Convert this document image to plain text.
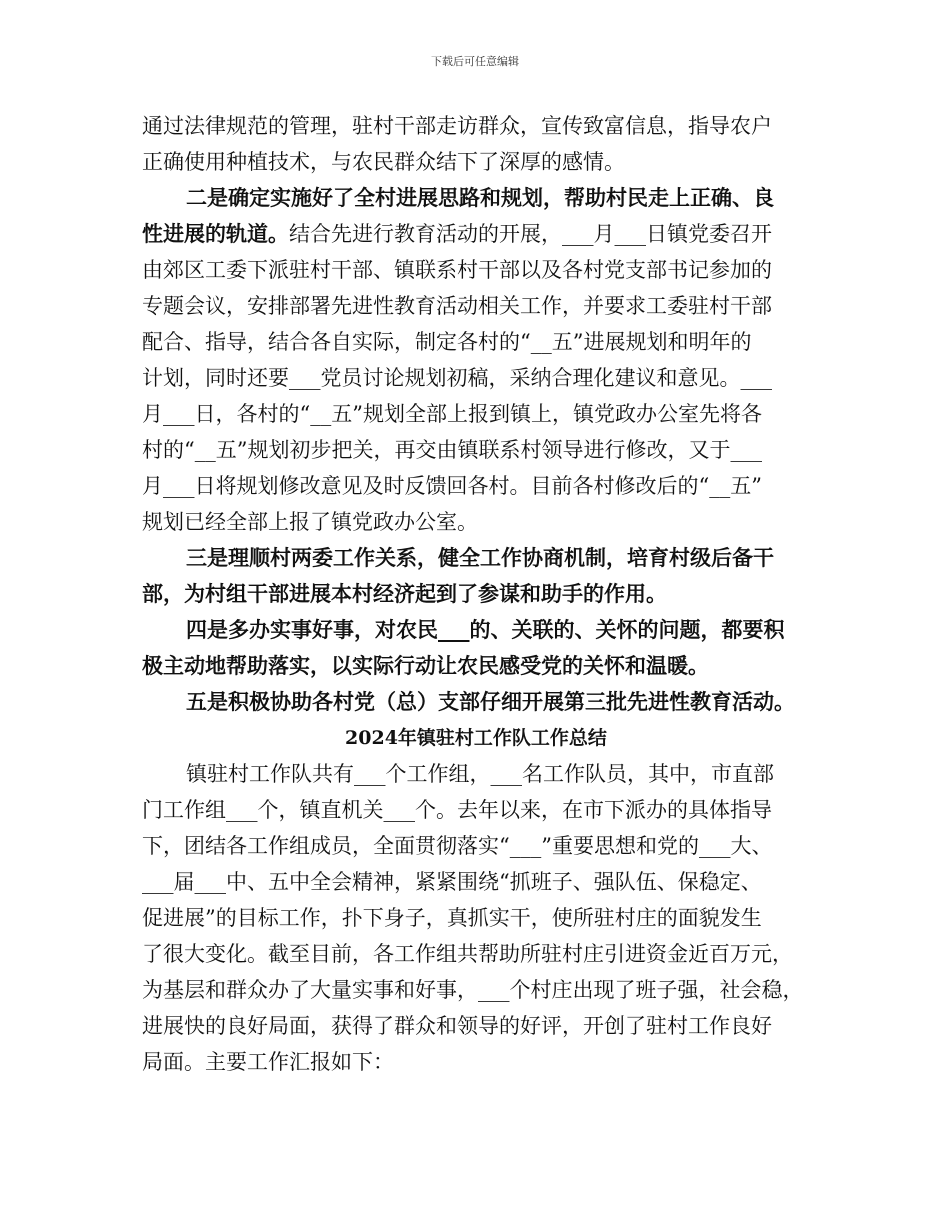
下载后可任意编辑
通过法律规范的管理，驻村干部走访群众，宣传致富信息，指导农户
正确使用种植技术，与农民群众结下了深厚的感情。
二是确定实施好了全村进展思路和规划，帮助村民走上正确、良
性进展的轨道。结合先进行教育活动的开展，___月___日镇党委召开
由郊区工委下派驻村干部、镇联系村干部以及各村党支部书记参加的
专题会议，安排部署先进性教育活动相关工作，并要求工委驻村干部
配合、指导，结合各自实际，制定各村的“__五”进展规划和明年的
计划，同时还要___党员讨论规划初稿，采纳合理化建议和意见。___
月___日，各村的“__五”规划全部上报到镇上，镇党政办公室先将各
村的“__五”规划初步把关，再交由镇联系村领导进行修改，又于___
月___日将规划修改意见及时反馈回各村。目前各村修改后的“__五”
规划已经全部上报了镇党政办公室。
三是理顺村两委工作关系，健全工作协商机制，培育村级后备干
部，为村组干部进展本村经济起到了参谋和助手的作用。
四是多办实事好事，对农民___的、关联的、关怀的问题，都要积
极主动地帮助落实，以实际行动让农民感受党的关怀和温暖。
五是积极协助各村党（总）支部仔细开展第三批先进性教育活动。
2024年镇驻村工作队工作总结
镇驻村工作队共有___个工作组，___名工作队员，其中，市直部
门工作组___个，镇直机关___个。去年以来，在市下派办的具体指导
下，团结各工作组成员，全面贯彻落实“___”重要思想和党的___大、
___届___中、五中全会精神，紧紧围绕“抓班子、强队伍、保稳定、
促进展”的目标工作，扑下身子，真抓实干，使所驻村庄的面貌发生
了很大变化。截至目前，各工作组共帮助所驻村庄引进资金近百万元，
为基层和群众办了大量实事和好事，___个村庄出现了班子强，社会稳，
进展快的良好局面，获得了群众和领导的好评，开创了驻村工作良好
局面。主要工作汇报如下：
